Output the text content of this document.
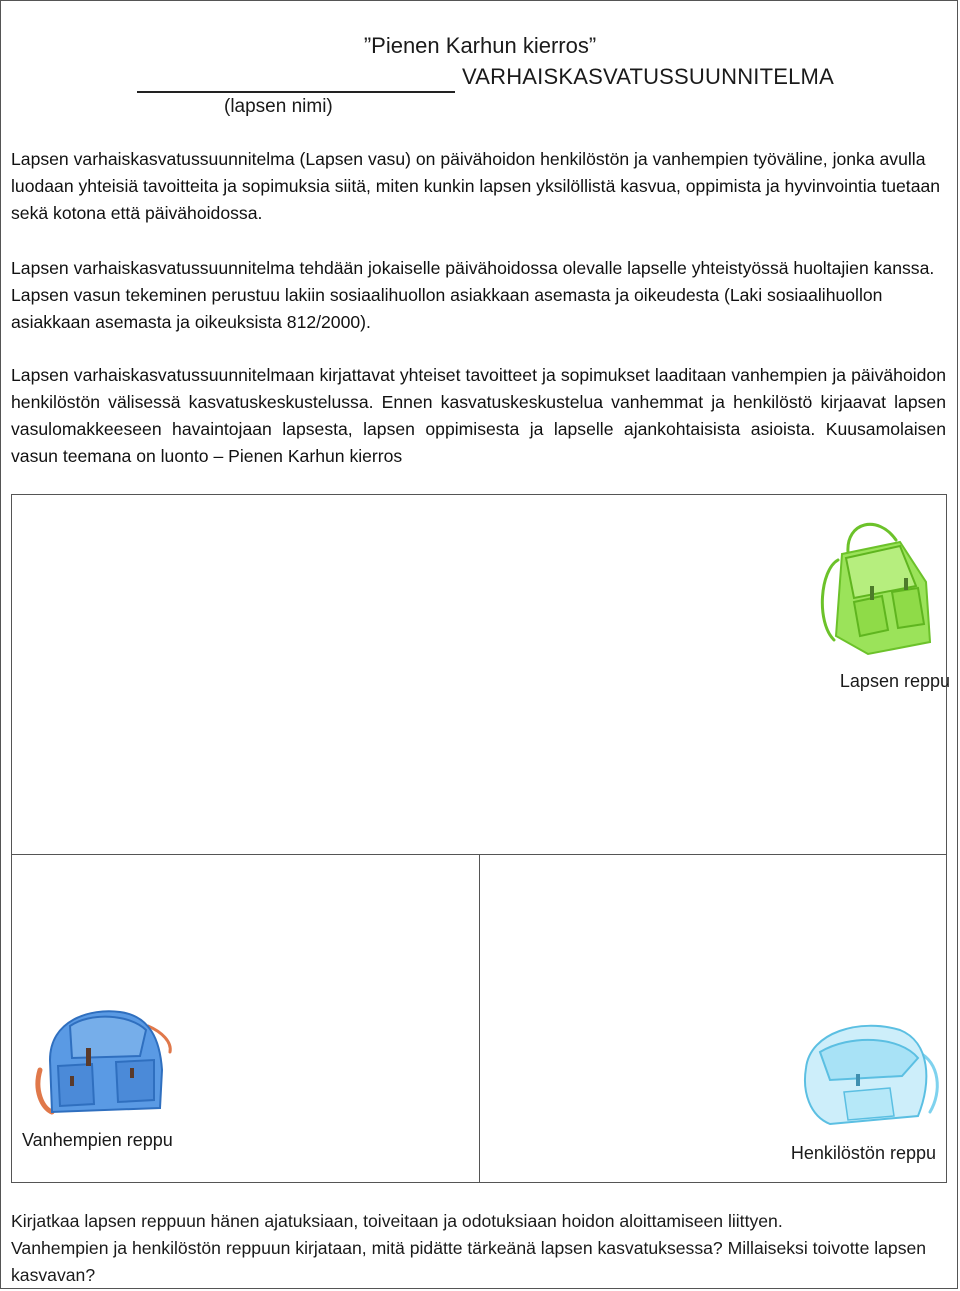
”Pienen Karhun kierros”
VARHAISKASVATUSSUUNNITELMA
(lapsen nimi)
Lapsen varhaiskasvatussuunnitelma (Lapsen vasu) on päivähoidon henkilöstön ja vanhempien työväline, jonka avulla luodaan yhteisiä tavoitteita ja sopimuksia siitä, miten kunkin lapsen yksilöllistä kasvua, oppimista ja hyvinvointia tuetaan sekä kotona että päivähoidossa.
Lapsen varhaiskasvatussuunnitelma tehdään jokaiselle päivähoidossa olevalle lapselle yhteistyössä huoltajien kanssa. Lapsen vasun tekeminen perustuu lakiin sosiaalihuollon asiakkaan asemasta ja oikeudesta (Laki sosiaalihuollon asiakkaan asemasta ja oikeuksista 812/2000).
Lapsen varhaiskasvatussuunnitelmaan kirjattavat yhteiset tavoitteet ja sopimukset laaditaan vanhempien ja päivähoidon henkilöstön välisessä kasvatuskeskustelussa. Ennen kasvatuskeskustelua vanhemmat ja henkilöstö kirjaavat lapsen vasulomakkeeseen havaintojaan lapsesta, lapsen oppimisesta ja lapselle ajankohtaisista asioista. Kuusamolaisen vasun teemana on luonto – Pienen Karhun kierros
Lapsen reppu
Vanhempien reppu
Henkilöstön reppu
Kirjatkaa lapsen reppuun hänen ajatuksiaan, toiveitaan ja odotuksiaan hoidon aloittamiseen liittyen.
Vanhempien ja henkilöstön reppuun kirjataan, mitä pidätte tärkeänä lapsen kasvatuksessa? Millaiseksi toivotte lapsen kasvavan?
